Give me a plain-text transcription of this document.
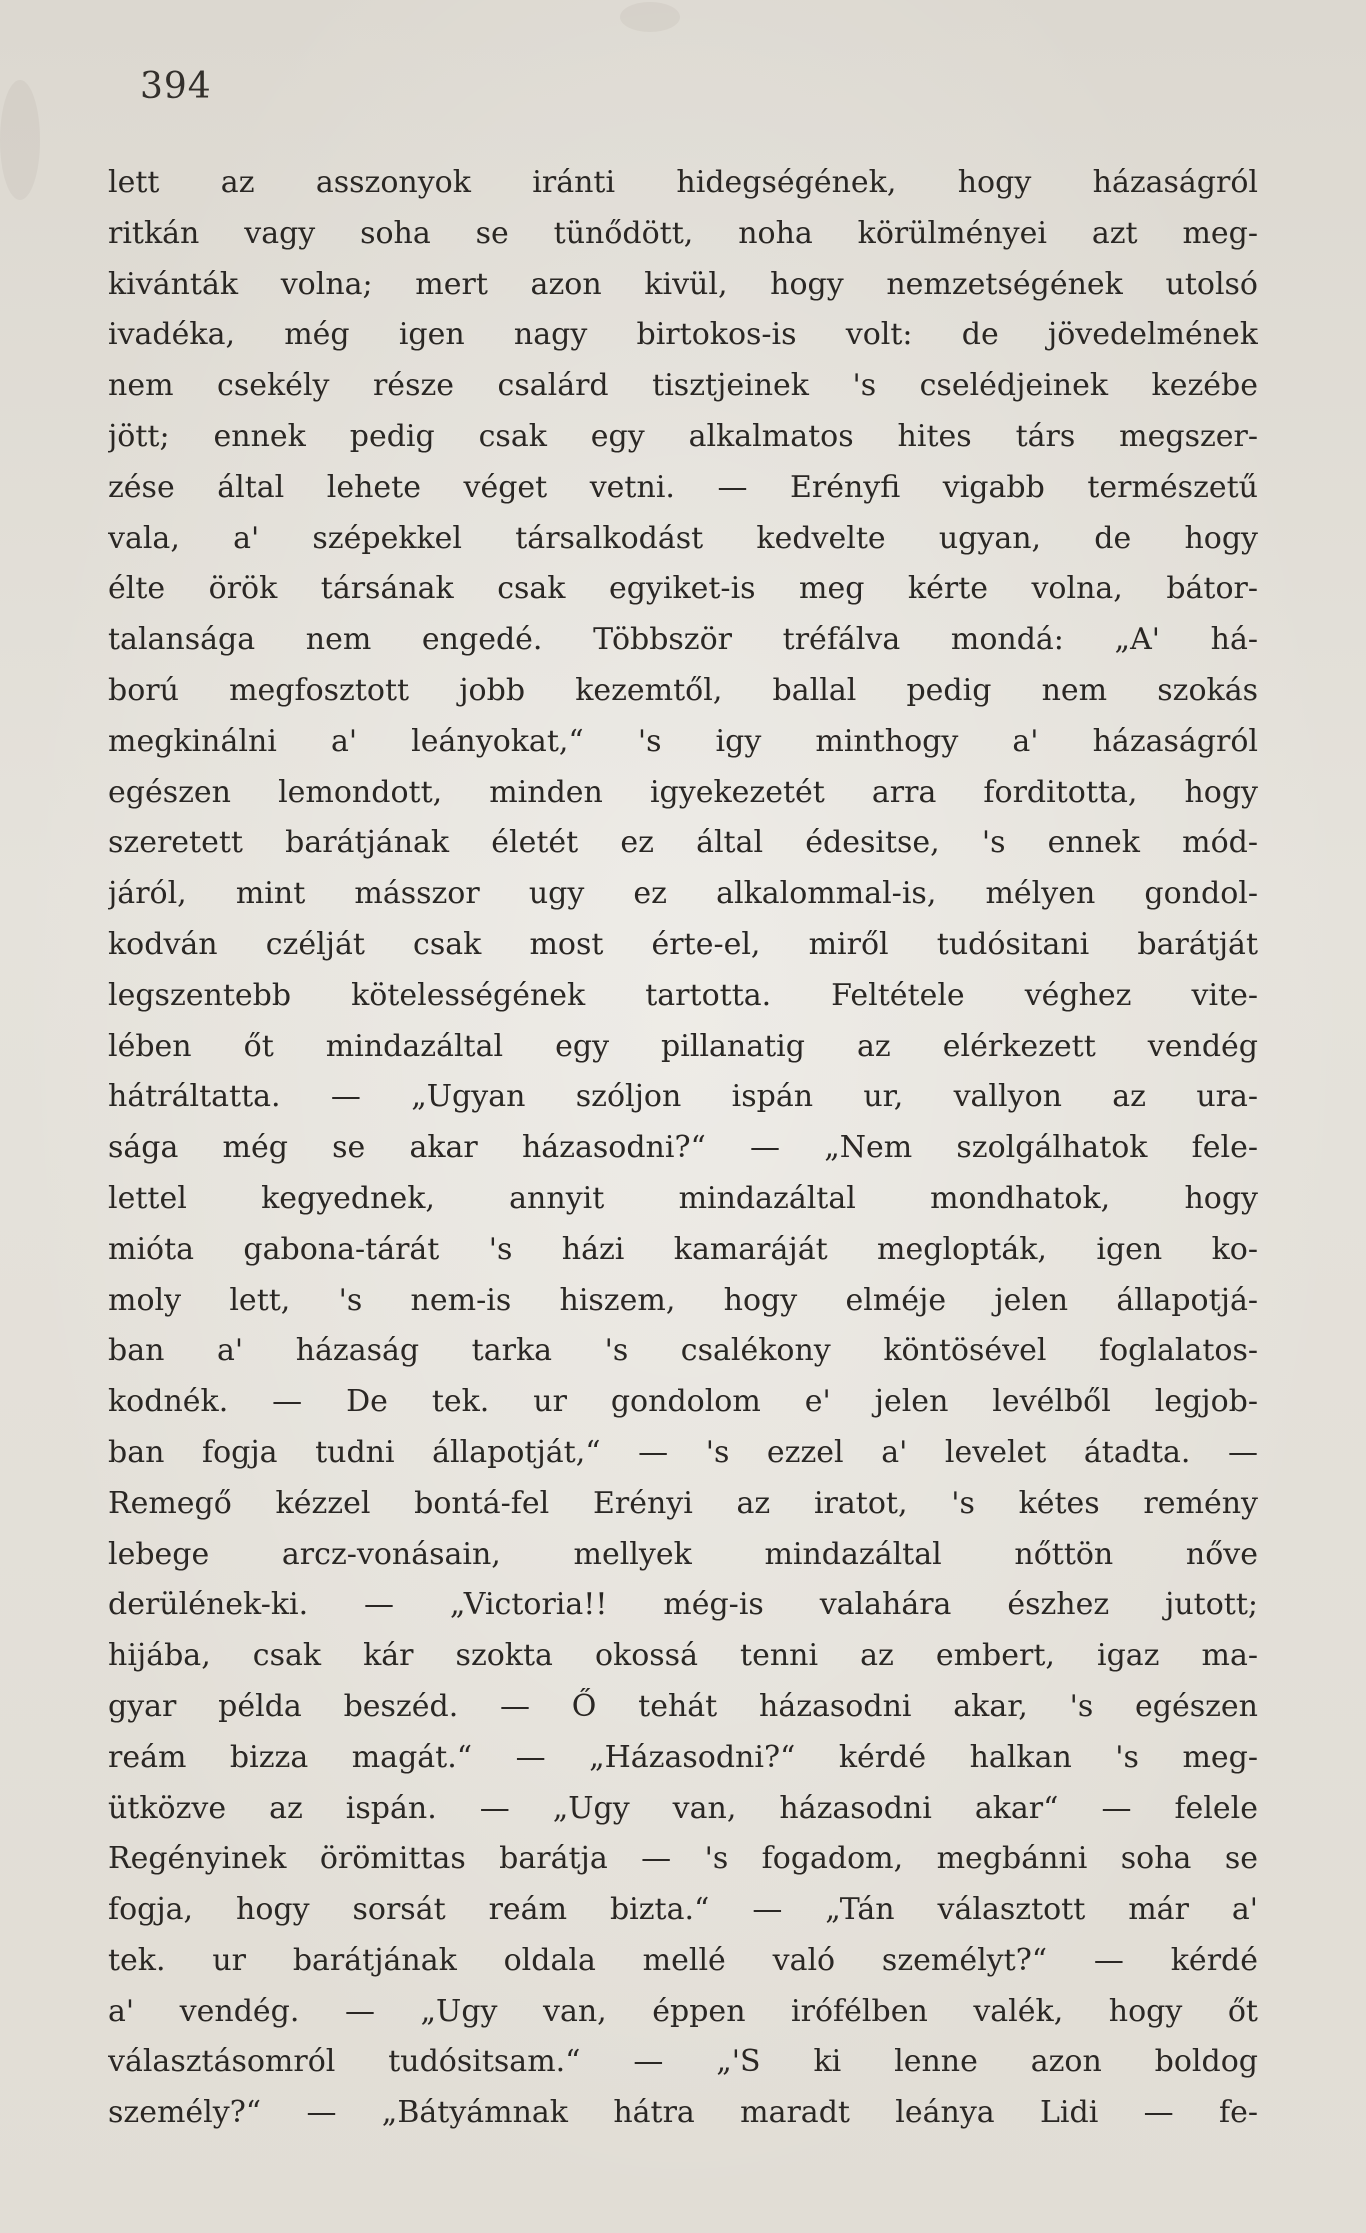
394
lett az asszonyok iránti hidegségének, hogy házaságról
ritkán vagy soha se tünődött, noha körülményei azt meg-
kivánták volna; mert azon kivül, hogy nemzetségének utolsó
ivadéka, még igen nagy birtokos-is volt: de jövedelmének
nem csekély része csalárd tisztjeinek 's cselédjeinek kezébe
jött; ennek pedig csak egy alkalmatos hites társ megszer-
zése által lehete véget vetni. — Erényfi vigabb természetű
vala, a' szépekkel társalkodást kedvelte ugyan, de hogy
élte örök társának csak egyiket-is meg kérte volna, bátor-
talansága nem engedé. Többször tréfálva mondá: „A' há-
ború megfosztott jobb kezemtől, ballal pedig nem szokás
megkinálni a' leányokat,“ 's igy minthogy a' házaságról
egészen lemondott, minden igyekezetét arra forditotta, hogy
szeretett barátjának életét ez által édesitse, 's ennek mód-
járól, mint másszor ugy ez alkalommal-is, mélyen gondol-
kodván czélját csak most érte-el, miről tudósitani barátját
legszentebb kötelességének tartotta. Feltétele véghez vite-
lében őt mindazáltal egy pillanatig az elérkezett vendég
hátráltatta. — „Ugyan szóljon ispán ur, vallyon az ura-
sága még se akar házasodni?“ — „Nem szolgálhatok fele-
lettel kegyednek, annyit mindazáltal mondhatok, hogy
mióta gabona-tárát 's házi kamaráját meglopták, igen ko-
moly lett, 's nem-is hiszem, hogy elméje jelen állapotjá-
ban a' házaság tarka 's csalékony köntösével foglalatos-
kodnék. — De tek. ur gondolom e' jelen levélből legjob-
ban fogja tudni állapotját,“ — 's ezzel a' levelet átadta. —
Remegő kézzel bontá-fel Erényi az iratot, 's kétes remény
lebege arcz-vonásain, mellyek mindazáltal nőttön nőve
derülének-ki. — „Victoria!! még-is valahára észhez jutott;
hijába, csak kár szokta okossá tenni az embert, igaz ma-
gyar példa beszéd. — Ő tehát házasodni akar, 's egészen
reám bizza magát.“ — „Házasodni?“ kérdé halkan 's meg-
ütközve az ispán. — „Ugy van, házasodni akar“ — felele
Regényinek örömittas barátja — 's fogadom, megbánni soha se
fogja, hogy sorsát reám bizta.“ — „Tán választott már a'
tek. ur barátjának oldala mellé való személyt?“ — kérdé
a' vendég. — „Ugy van, éppen irófélben valék, hogy őt
választásomról tudósitsam.“ — „'S ki lenne azon boldog
személy?“ — „Bátyámnak hátra maradt leánya Lidi — fe-
